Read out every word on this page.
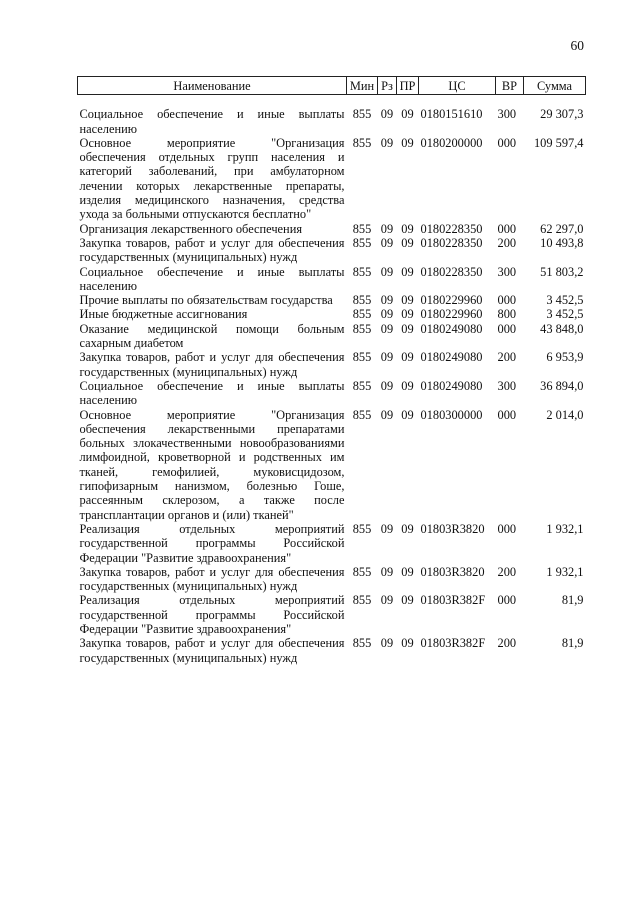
60
Наименование	Мин	Рз	ПР	ЦС	ВР	Сумма

Социальное обеспечение и иные выплаты населению	855	09	09	0180151610	300	29 307,3
Основное мероприятие "Организация обеспечения отдельных групп населения и категорий заболеваний, при амбулаторном лечении которых лекарственные препараты, изделия медицинского назначения, средства ухода за больными отпускаются бесплатно"	855	09	09	0180200000	000	109 597,4
Организация лекарственного обеспечения	855	09	09	0180228350	000	62 297,0
Закупка товаров, работ и услуг для обеспечения государственных (муниципальных) нужд	855	09	09	0180228350	200	10 493,8
Социальное обеспечение и иные выплаты населению	855	09	09	0180228350	300	51 803,2
Прочие выплаты по обязательствам государства	855	09	09	0180229960	000	3 452,5
Иные бюджетные ассигнования	855	09	09	0180229960	800	3 452,5
Оказание медицинской помощи больным сахарным диабетом	855	09	09	0180249080	000	43 848,0
Закупка товаров, работ и услуг для обеспечения государственных (муниципальных) нужд	855	09	09	0180249080	200	6 953,9
Социальное обеспечение и иные выплаты населению	855	09	09	0180249080	300	36 894,0
Основное мероприятие "Организация обеспечения лекарственными препаратами больных злокачественными новообразованиями лимфоидной, кроветворной и родственных им тканей, гемофилией, муковисцидозом, гипофизарным нанизмом, болезнью Гоше, рассеянным склерозом, а также после трансплантации органов и (или) тканей"	855	09	09	0180300000	000	2 014,0
Реализация отдельных мероприятий государственной программы Российской Федерации "Развитие здравоохранения"	855	09	09	01803R3820	000	1 932,1
Закупка товаров, работ и услуг для обеспечения государственных (муниципальных) нужд	855	09	09	01803R3820	200	1 932,1
Реализация отдельных мероприятий государственной программы Российской Федерации "Развитие здравоохранения"	855	09	09	01803R382F	000	81,9
Закупка товаров, работ и услуг для обеспечения государственных (муниципальных) нужд	855	09	09	01803R382F	200	81,9
